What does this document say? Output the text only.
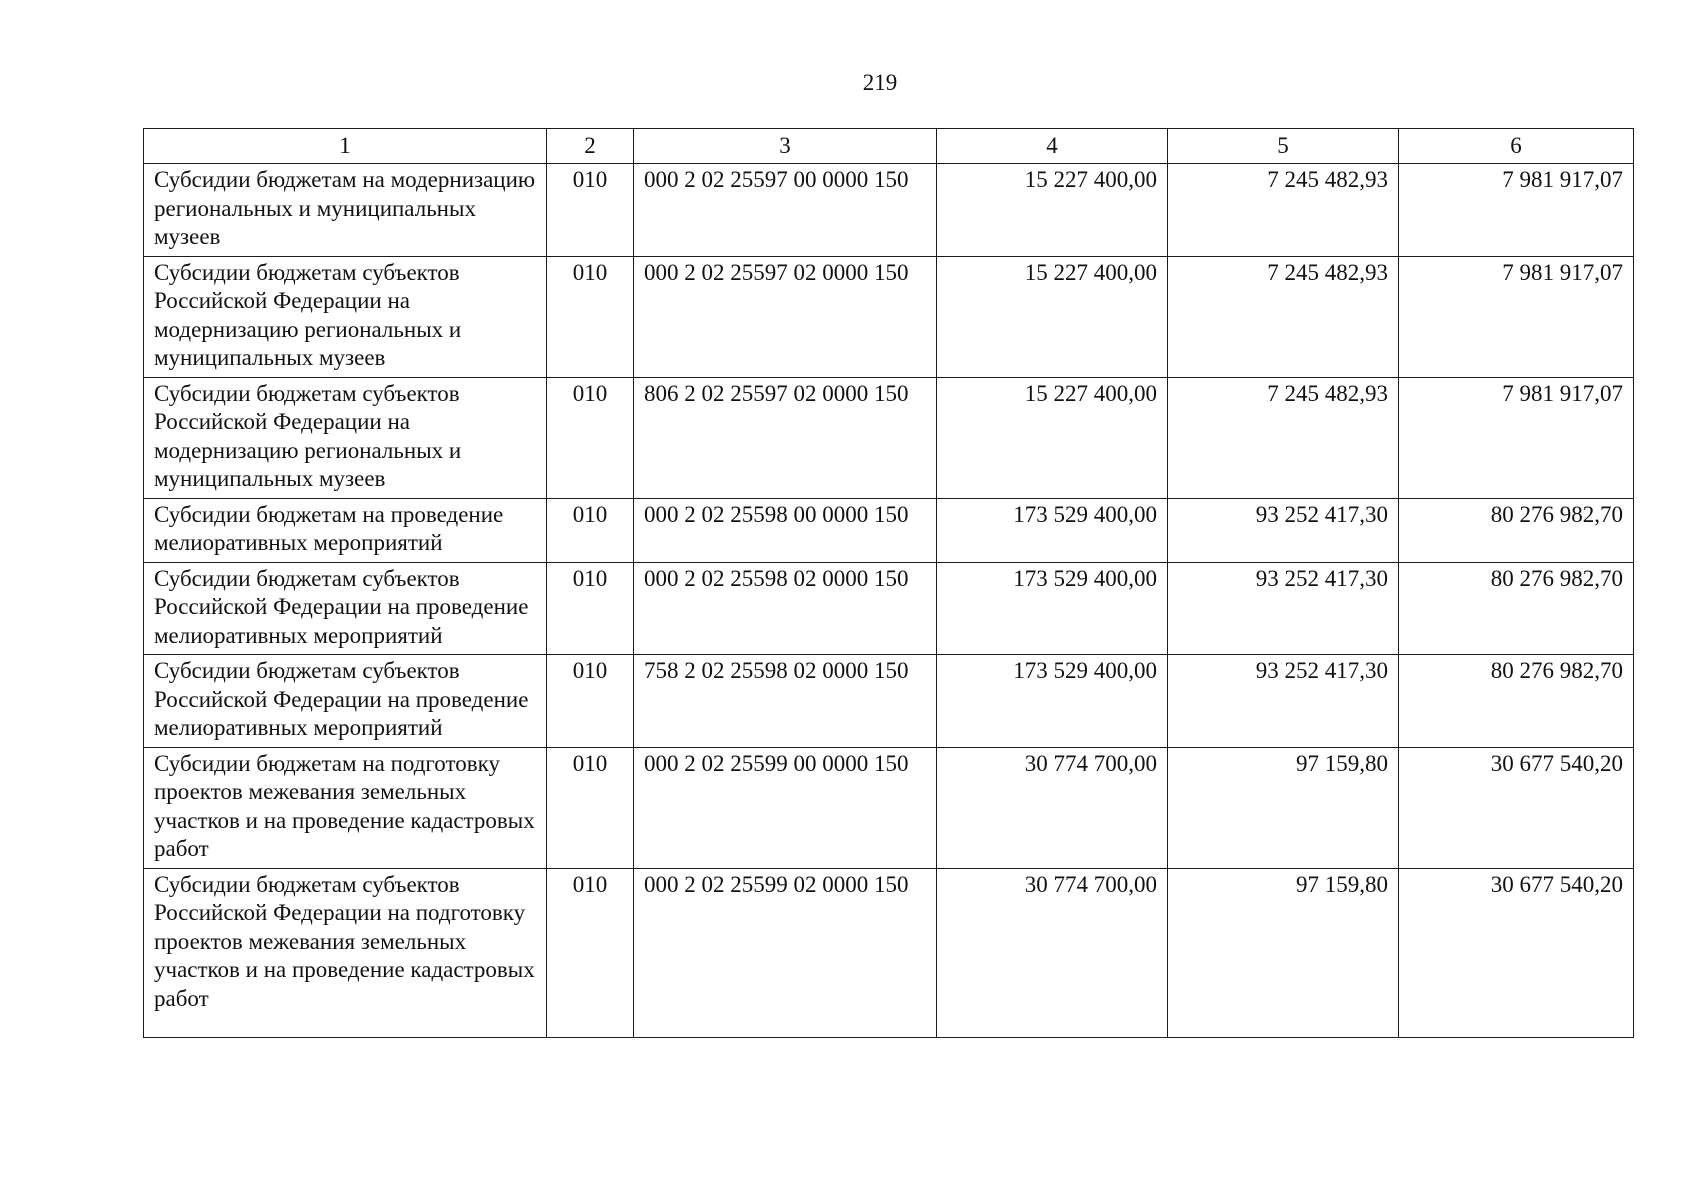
219
1	2	3	4	5	6
Субсидии бюджетам на модернизацию региональных и муниципальных музеев	010	000 2 02 25597 00 0000 150	15 227 400,00	7 245 482,93	7 981 917,07
Субсидии бюджетам субъектов Российской Федерации на модернизацию региональных и муниципальных музеев	010	000 2 02 25597 02 0000 150	15 227 400,00	7 245 482,93	7 981 917,07
Субсидии бюджетам субъектов Российской Федерации на модернизацию региональных и муниципальных музеев	010	806 2 02 25597 02 0000 150	15 227 400,00	7 245 482,93	7 981 917,07
Субсидии бюджетам на проведение мелиоративных мероприятий	010	000 2 02 25598 00 0000 150	173 529 400,00	93 252 417,30	80 276 982,70
Субсидии бюджетам субъектов Российской Федерации на проведение мелиоративных мероприятий	010	000 2 02 25598 02 0000 150	173 529 400,00	93 252 417,30	80 276 982,70
Субсидии бюджетам субъектов Российской Федерации на проведение мелиоративных мероприятий	010	758 2 02 25598 02 0000 150	173 529 400,00	93 252 417,30	80 276 982,70
Субсидии бюджетам на подготовку проектов межевания земельных участков и на проведение кадастровых работ	010	000 2 02 25599 00 0000 150	30 774 700,00	97 159,80	30 677 540,20
Субсидии бюджетам субъектов Российской Федерации на подготовку проектов межевания земельных участков и на проведение кадастровых работ	010	000 2 02 25599 02 0000 150	30 774 700,00	97 159,80	30 677 540,20
